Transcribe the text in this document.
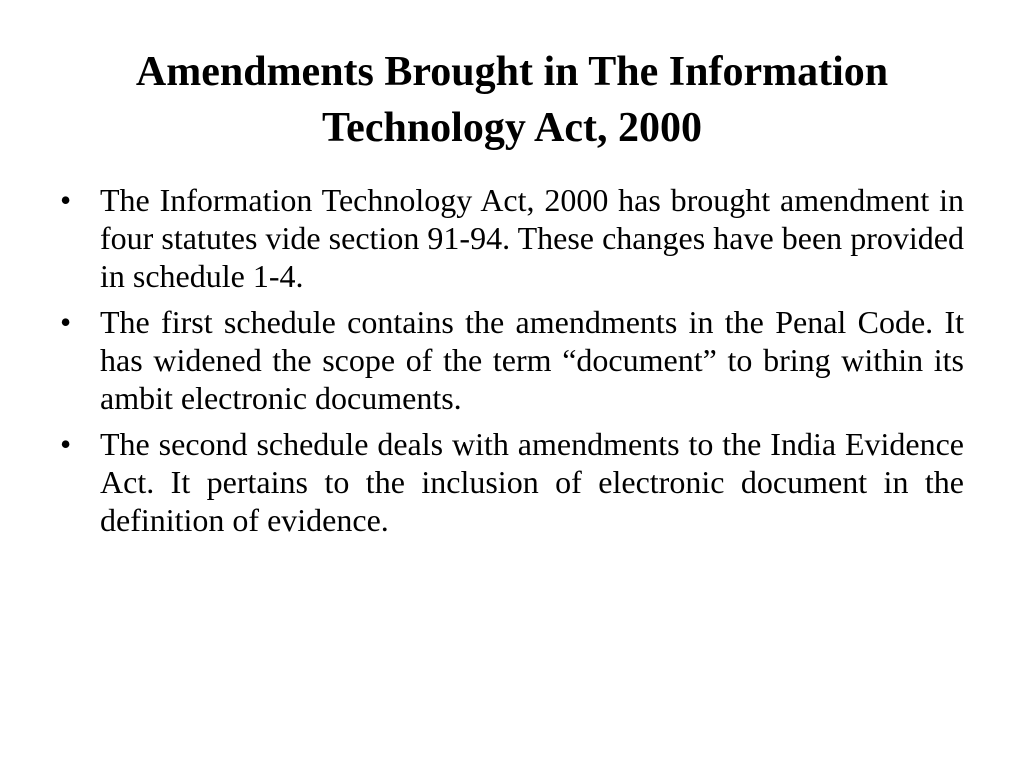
Amendments Brought in The Information Technology Act, 2000
• The Information Technology Act, 2000 has brought amendment in four statutes vide section 91-94. These changes have been provided in schedule 1-4.
• The first schedule contains the amendments in the Penal Code. It has widened the scope of the term “document” to bring within its ambit electronic documents.
• The second schedule deals with amendments to the India Evidence Act. It pertains to the inclusion of electronic document in the definition of evidence.
